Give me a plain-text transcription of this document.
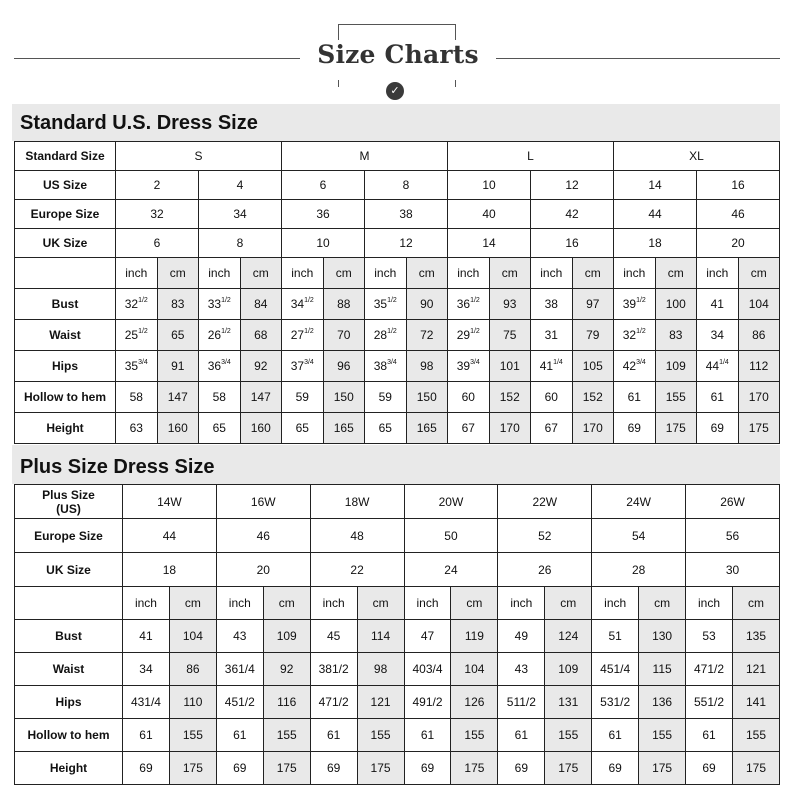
Size Charts
✓
Standard U.S. Dress Size
Standard Size	S				M				L				XL			
US Size	2		4		6		8		10		12		14		16	
Europe Size	32		34		36		38		40		42		44		46	
UK Size	6		8		10		12		14		16		18		20	
	inch	cm	inch	cm	inch	cm	inch	cm	inch	cm	inch	cm	inch	cm	inch	cm
Bust	$32^{1/2}$	83	$33^{1/2}$	84	$34^{1/2}$	88	$35^{1/2}$	90	$36^{1/2}$	93	38	97	$39^{1/2}$	100	41	104
Waist	$25^{1/2}$	65	$26^{1/2}$	68	$27^{1/2}$	70	$28^{1/2}$	72	$29^{1/2}$	75	31	79	$32^{1/2}$	83	34	86
Hips	$35^{3/4}$	91	$36^{3/4}$	92	$37^{3/4}$	96	$38^{3/4}$	98	$39^{3/4}$	101	$41^{1/4}$	105	$42^{3/4}$	109	$44^{1/4}$	112
Hollow to hem	58	147	58	147	59	150	59	150	60	152	60	152	61	155	61	170
Height	63	160	65	160	65	165	65	165	67	170	67	170	69	175	69	175
Plus Size Dress Size
Plus Size
(US)	14W		16W		18W		20W		22W		24W		26W	
Europe Size	44		46		48		50		52		54		56	
UK Size	18		20		22		24		26		28		30	
	inch	cm	inch	cm	inch	cm	inch	cm	inch	cm	inch	cm	inch	cm
Bust	41	104	43	109	45	114	47	119	49	124	51	130	53	135
Waist	34	86	361/4	92	381/2	98	403/4	104	43	109	451/4	115	471/2	121
Hips	431/4	110	451/2	116	471/2	121	491/2	126	511/2	131	531/2	136	551/2	141
Hollow to hem	61	155	61	155	61	155	61	155	61	155	61	155	61	155
Height	69	175	69	175	69	175	69	175	69	175	69	175	69	175
